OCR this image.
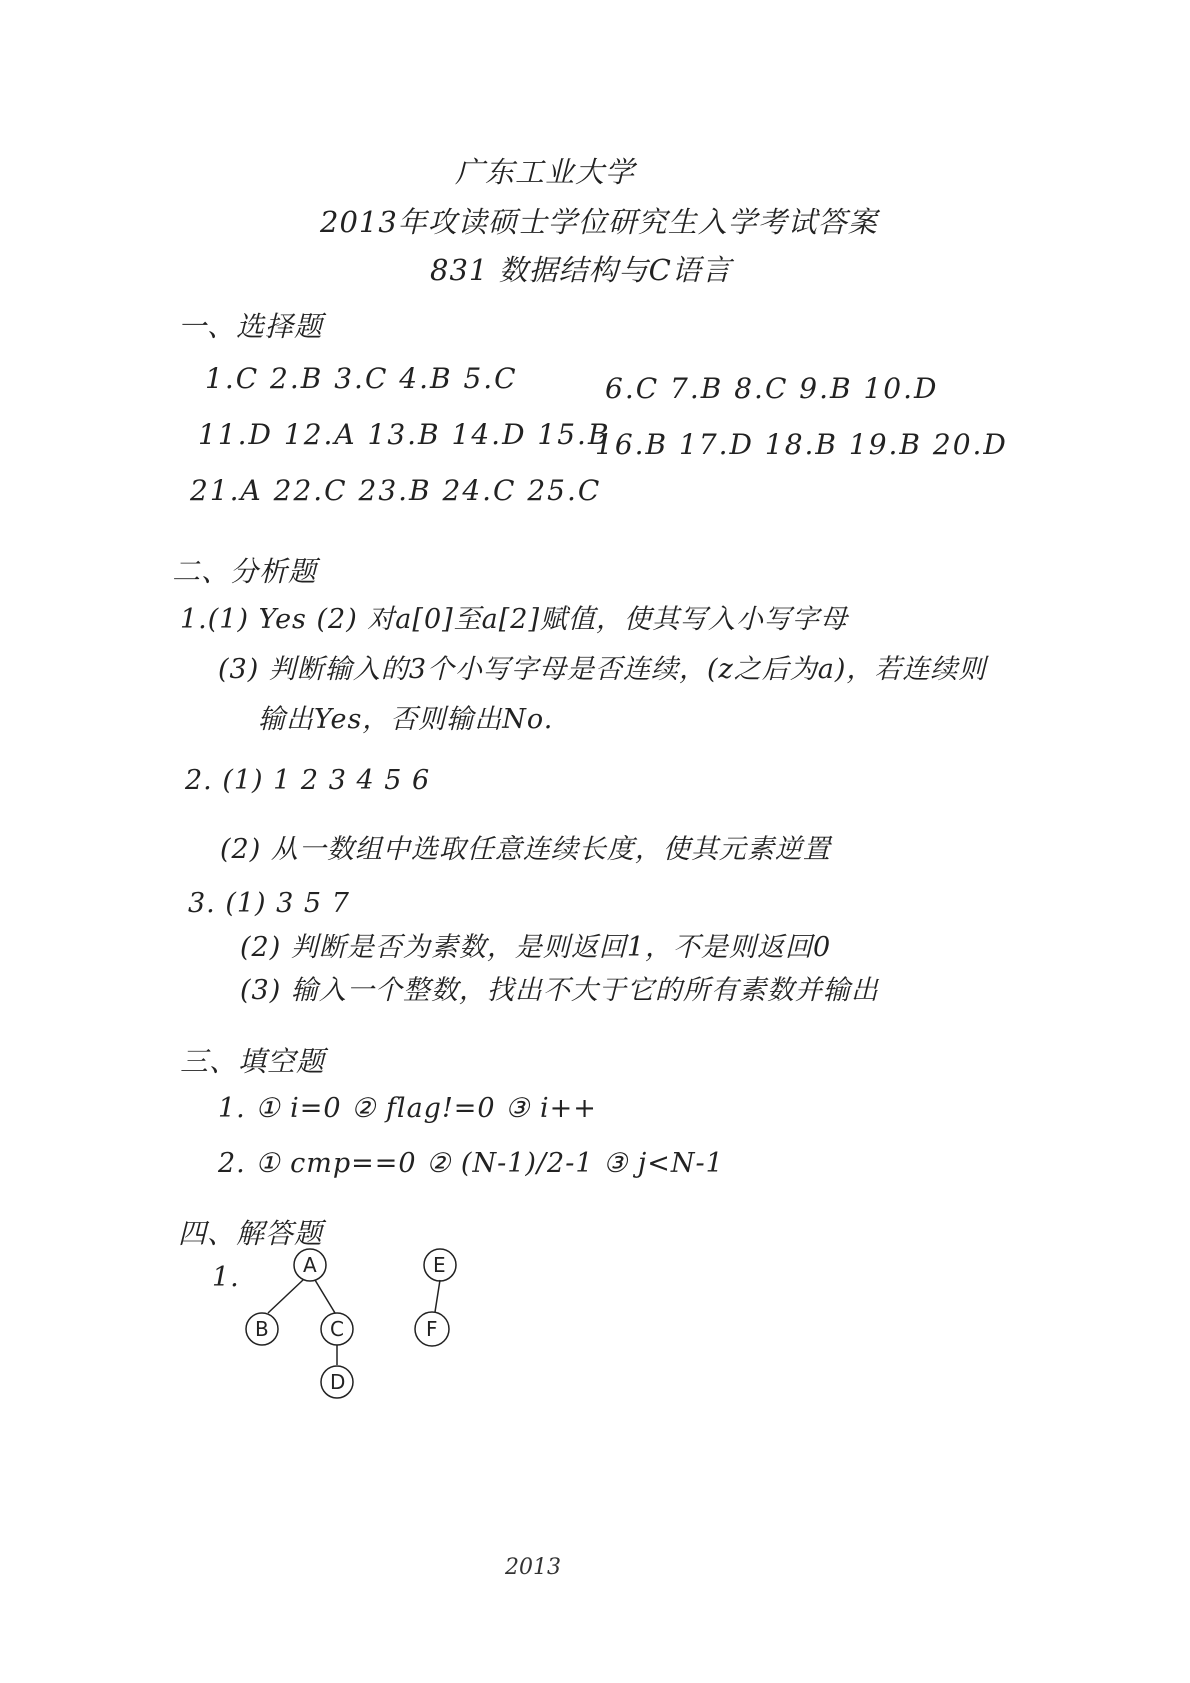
广东工业大学
2013年攻读硕士学位研究生入学考试答案
831 数据结构与C语言
一、选择题
1.C 2.B 3.C 4.B 5.C	6.C 7.B 8.C 9.B 10.D
11.D 12.A 13.B 14.D 15.B
16.B 17.D 18.B 19.B 20.D
21.A 22.C 23.B 24.C 25.C
二、分析题
1.(1) Yes (2) 对a[0]至a[2]赋值，使其写入小写字母
(3) 判断输入的3个小写字母是否连续，(z之后为a)，若连续则
输出Yes，否则输出No.
2. (1) 1 2 3 4 5 6
(2) 从一数组中选取任意连续长度，使其元素逆置
3. (1) 3 5 7
(2) 判断是否为素数，是则返回1，不是则返回0
(3) 输入一个整数，找出不大于它的所有素数并输出
三、填空题
1. ① i=0 ② flag!=0 ③ i++
2. ① cmp==0 ② (N-1)/2-1 ③ j<N-1
四、解答题
1.	A
B	C
D
E
F
2013
